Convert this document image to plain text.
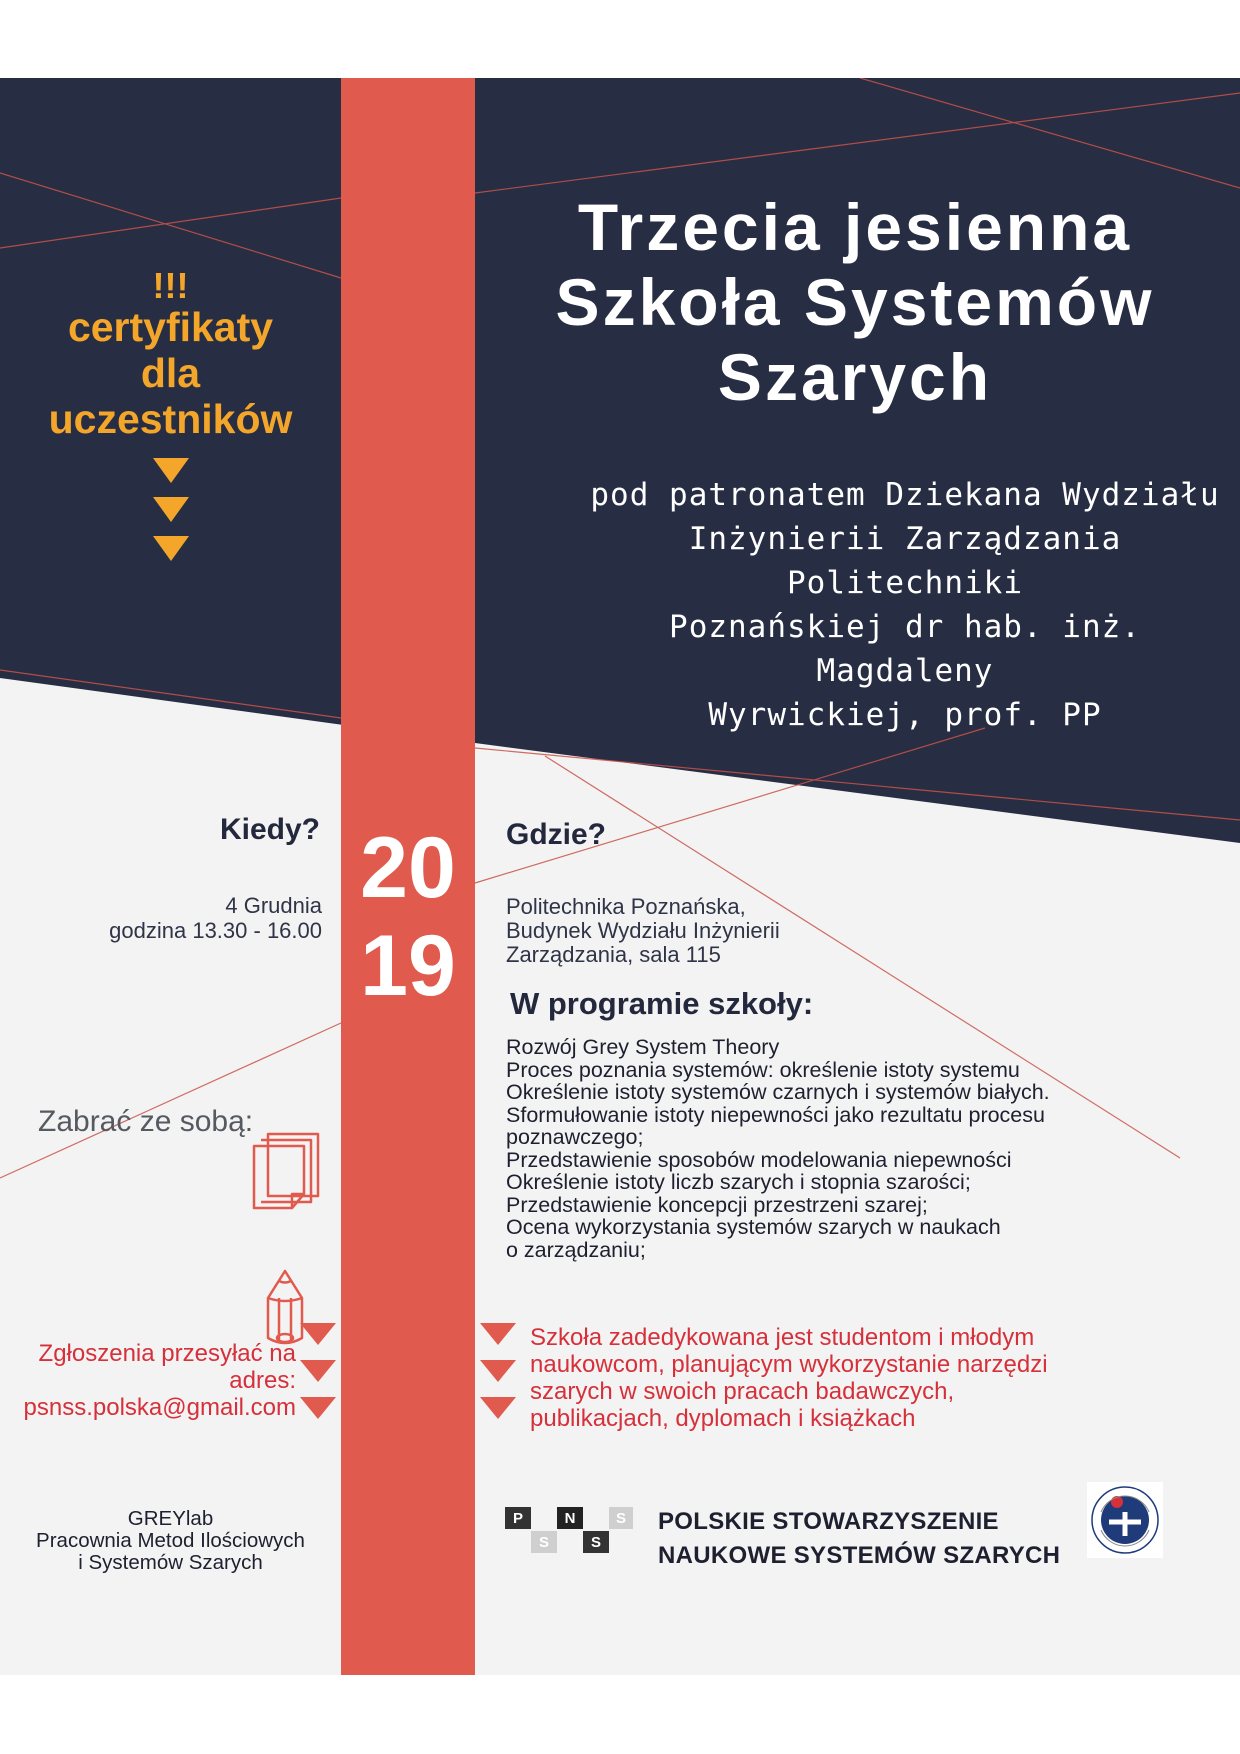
Trzecia jesienna
Szkoła Systemów
Szarych
pod patronatem Dziekana Wydziału
Inżynierii Zarządzania Politechniki
Poznańskiej dr hab. inż. Magdaleny
Wyrwickiej, prof. PP
!!!
certyfikaty
dla
uczestników
20
19
Kiedy?
4 Grudnia
godzina 13.30 - 16.00
Gdzie?
Politechnika Poznańska,
Budynek Wydziału Inżynierii
Zarządzania, sala 115
W programie szkoły:
Rozwój Grey System Theory
Proces poznania systemów: określenie istoty systemu
Określenie istoty systemów czarnych i systemów białych.
Sformułowanie istoty niepewności jako rezultatu procesu
poznawczego;
Przedstawienie sposobów modelowania niepewności
Określenie istoty liczb szarych i stopnia szarości;
Przedstawienie koncepcji przestrzeni szarej;
Ocena wykorzystania systemów szarych w naukach
o zarządzaniu;
Zabrać ze sobą:
Zgłoszenia przesyłać na
adres:
psnss.polska@gmail.com
Szkoła zadedykowana jest studentom i młodym
naukowcom, planującym wykorzystanie narzędzi
szarych w swoich pracach badawczych,
publikacjach, dyplomach i książkach
GREYlab
Pracownia Metod Ilościowych
i Systemów Szarych
P	N	S
S	S
POLSKIE STOWARZYSZENIE
NAUKOWE SYSTEMÓW SZARYCH
